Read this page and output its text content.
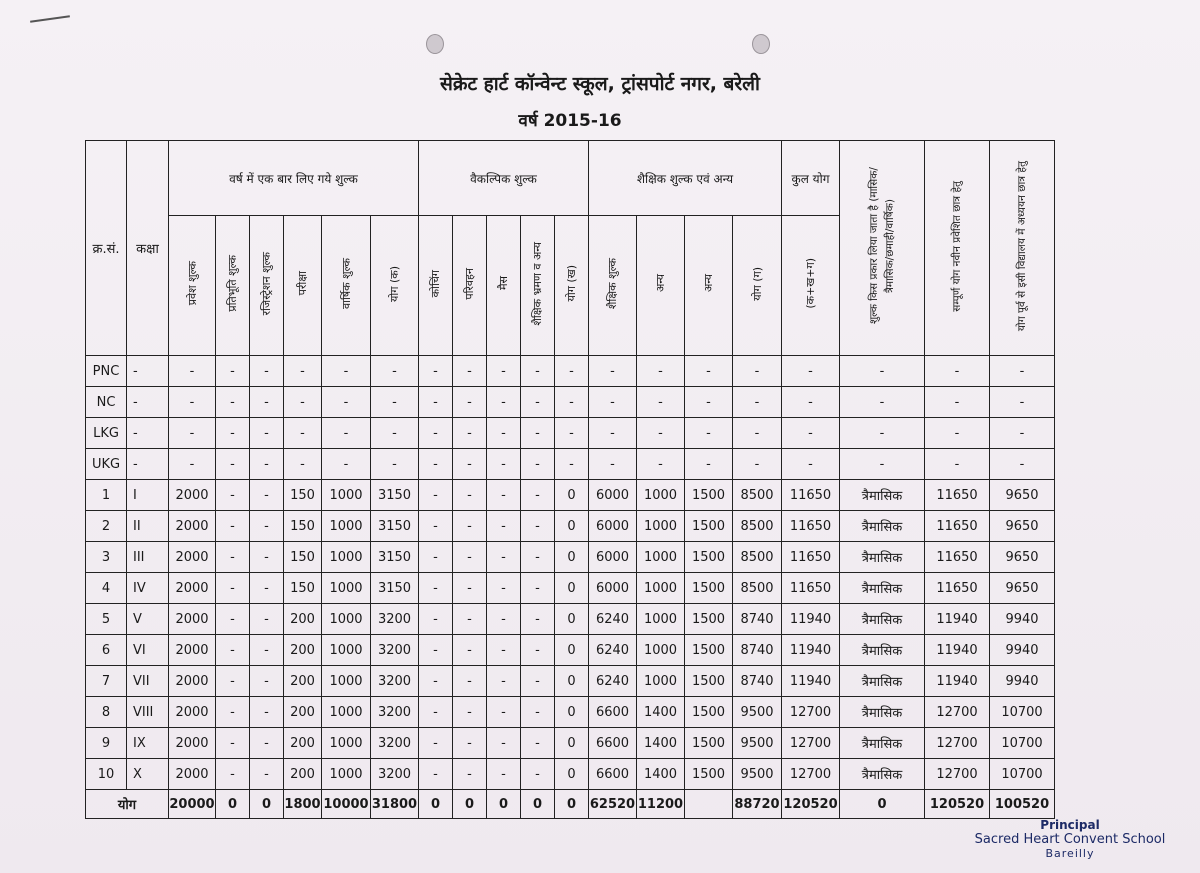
सेक्रेट हार्ट कॉन्वेन्ट स्कूल, ट्रांसपोर्ट नगर, बरेली
वर्ष 2015-16
क्र.सं.	कक्षा	वर्ष में एक बार लिए गये शुल्क						वैकल्पिक शुल्क					शैक्षिक शुल्क एवं अन्य				कुल योग	शुल्क किस प्रकार लिया जाता है (मासिक/त्रैमासिक/छमाही/वार्षिक)	सम्पूर्ण योग नवीन प्रवेशित छात्र हेतु	योग पूर्व से इसी विद्यालय में अध्ययन छात्र हेतु
		प्रवेश शुल्क	प्रतिभूति शुल्क	रजिस्ट्रेशन शुल्क	परीक्षा	वार्षिक शुल्क	योग (क)	कोचिंग	परिवहन	मैस	शैक्षिक भ्रमण व अन्य	योग (ख)	शैक्षिक शुल्क	अन्य	अन्य	योग (ग)	(क+ख+ग)			
PNC	-	-	-	-	-	-	-	-	-	-	-	-	-	-	-	-	-	-	-	-
NC	-	-	-	-	-	-	-	-	-	-	-	-	-	-	-	-	-	-	-	-
LKG	-	-	-	-	-	-	-	-	-	-	-	-	-	-	-	-	-	-	-	-
UKG	-	-	-	-	-	-	-	-	-	-	-	-	-	-	-	-	-	-	-	-
1	I	2000	-	-	150	1000	3150	-	-	-	-	0	6000	1000	1500	8500	11650	त्रैमासिक	11650	9650
2	II	2000	-	-	150	1000	3150	-	-	-	-	0	6000	1000	1500	8500	11650	त्रैमासिक	11650	9650
3	III	2000	-	-	150	1000	3150	-	-	-	-	0	6000	1000	1500	8500	11650	त्रैमासिक	11650	9650
4	IV	2000	-	-	150	1000	3150	-	-	-	-	0	6000	1000	1500	8500	11650	त्रैमासिक	11650	9650
5	V	2000	-	-	200	1000	3200	-	-	-	-	0	6240	1000	1500	8740	11940	त्रैमासिक	11940	9940
6	VI	2000	-	-	200	1000	3200	-	-	-	-	0	6240	1000	1500	8740	11940	त्रैमासिक	11940	9940
7	VII	2000	-	-	200	1000	3200	-	-	-	-	0	6240	1000	1500	8740	11940	त्रैमासिक	11940	9940
8	VIII	2000	-	-	200	1000	3200	-	-	-	-	0	6600	1400	1500	9500	12700	त्रैमासिक	12700	10700
9	IX	2000	-	-	200	1000	3200	-	-	-	-	0	6600	1400	1500	9500	12700	त्रैमासिक	12700	10700
10	X	2000	-	-	200	1000	3200	-	-	-	-	0	6600	1400	1500	9500	12700	त्रैमासिक	12700	10700
योग		20000	0	0	1800	10000	31800	0	0	0	0	0	62520	11200		88720	120520	0	120520	100520
Principal
Sacred Heart Convent School
Bareilly
